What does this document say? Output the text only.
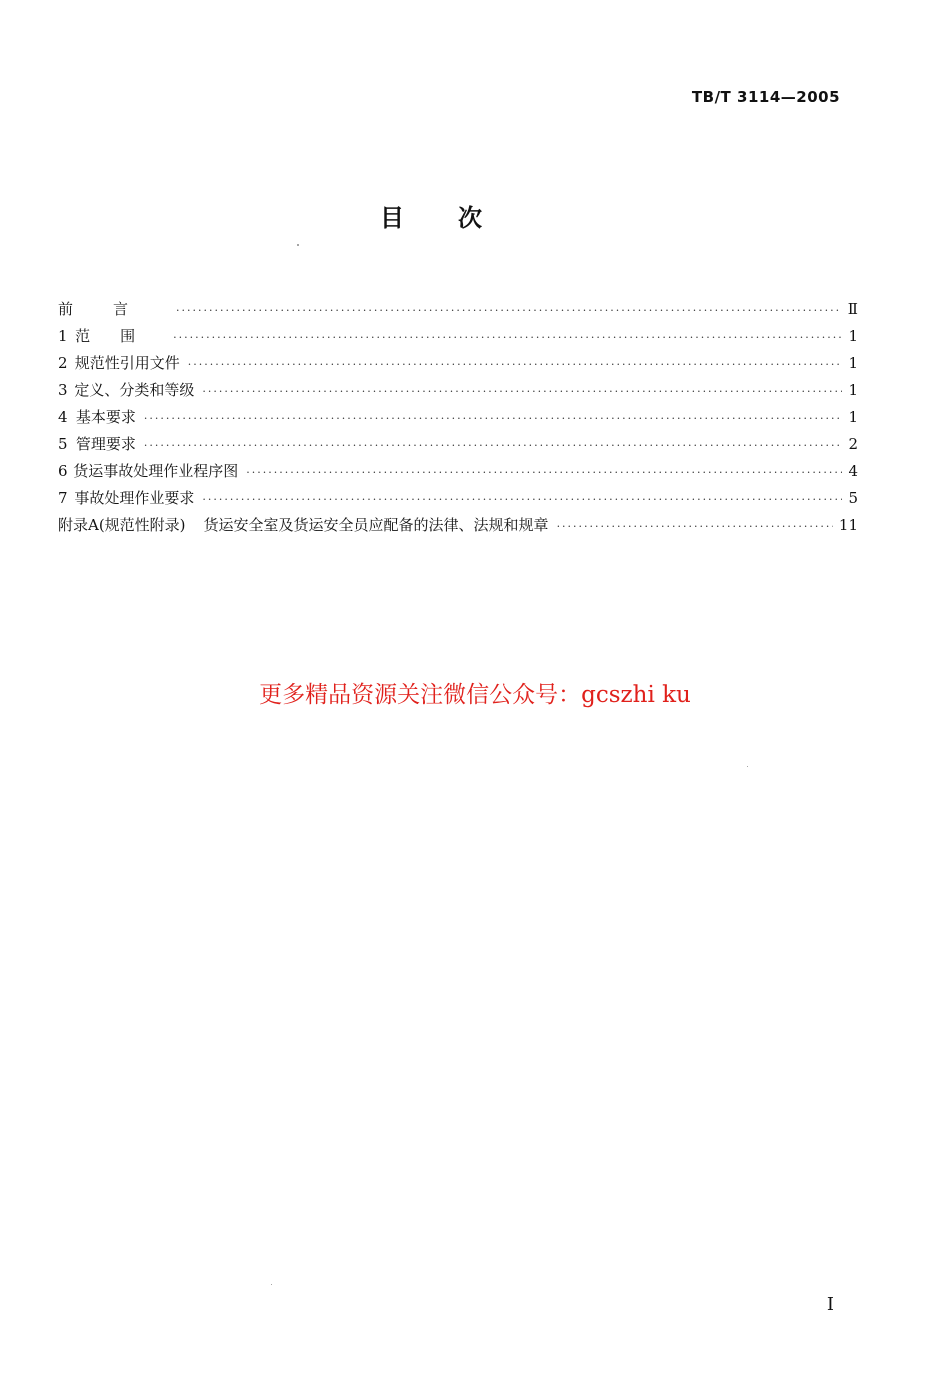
TB/T 3114—2005
目次
前言 ·····	Ⅱ
1 范围 ·····	1
2 规范性引用文件 ·····	1
3 定义、分类和等级 ·····	1
4 基本要求 ·····	1
5 管理要求 ·····	2
6 货运事故处理作业程序图 ·····	4
7 事故处理作业要求 ·····	5
附录A(规范性附录) 货运安全室及货运安全员应配备的法律、法规和规章 ·····	11
更多精品资源关注微信公众号：gcszhi ku
I
